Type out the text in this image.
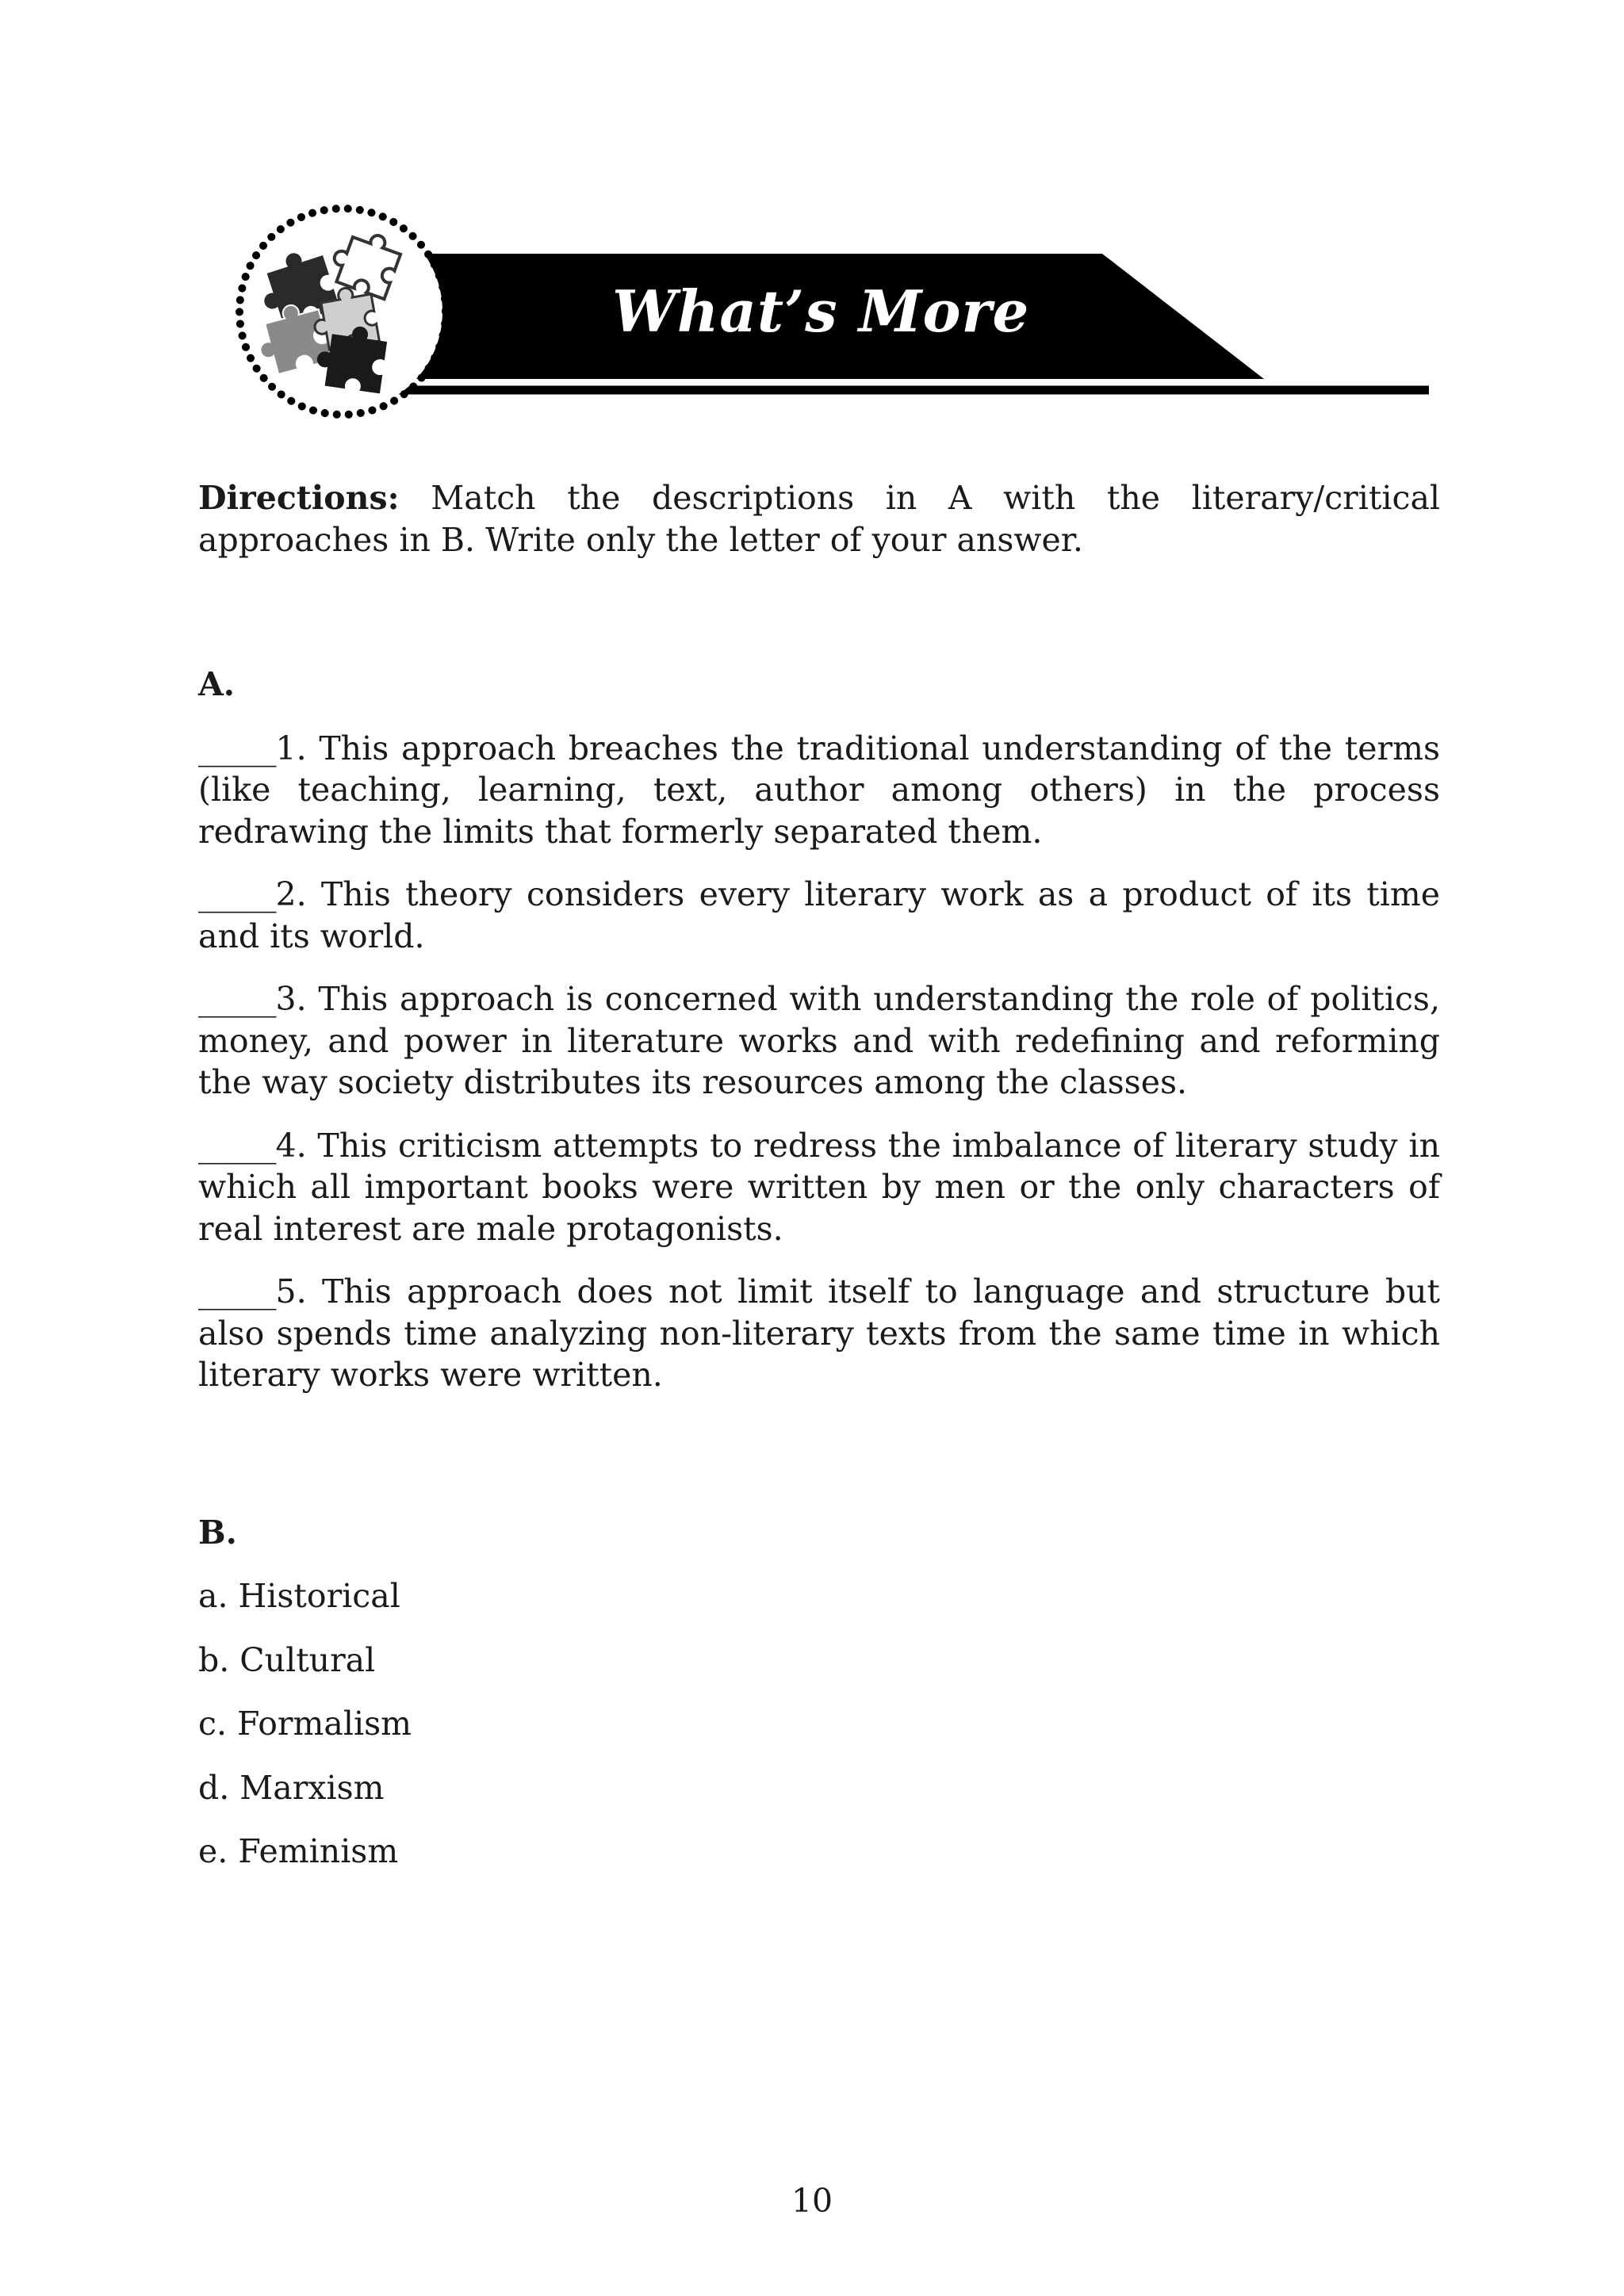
What’s More

Directions: Match the descriptions in A with the literary/critical approaches in B. Write only the letter of your answer.

A.

_____1. This approach breaches the traditional understanding of the terms (like teaching, learning, text, author among others) in the process redrawing the limits that formerly separated them.

_____2. This theory considers every literary work as a product of its time and its world.

_____3. This approach is concerned with understanding the role of politics, money, and power in literature works and with redefining and reforming the way society distributes its resources among the classes.

_____4. This criticism attempts to redress the imbalance of literary study in which all important books were written by men or the only characters of real interest are male protagonists.

_____5. This approach does not limit itself to language and structure but also spends time analyzing non-literary texts from the same time in which literary works were written.

B.

a. Historical

b. Cultural

c. Formalism

d. Marxism

e. Feminism

10
